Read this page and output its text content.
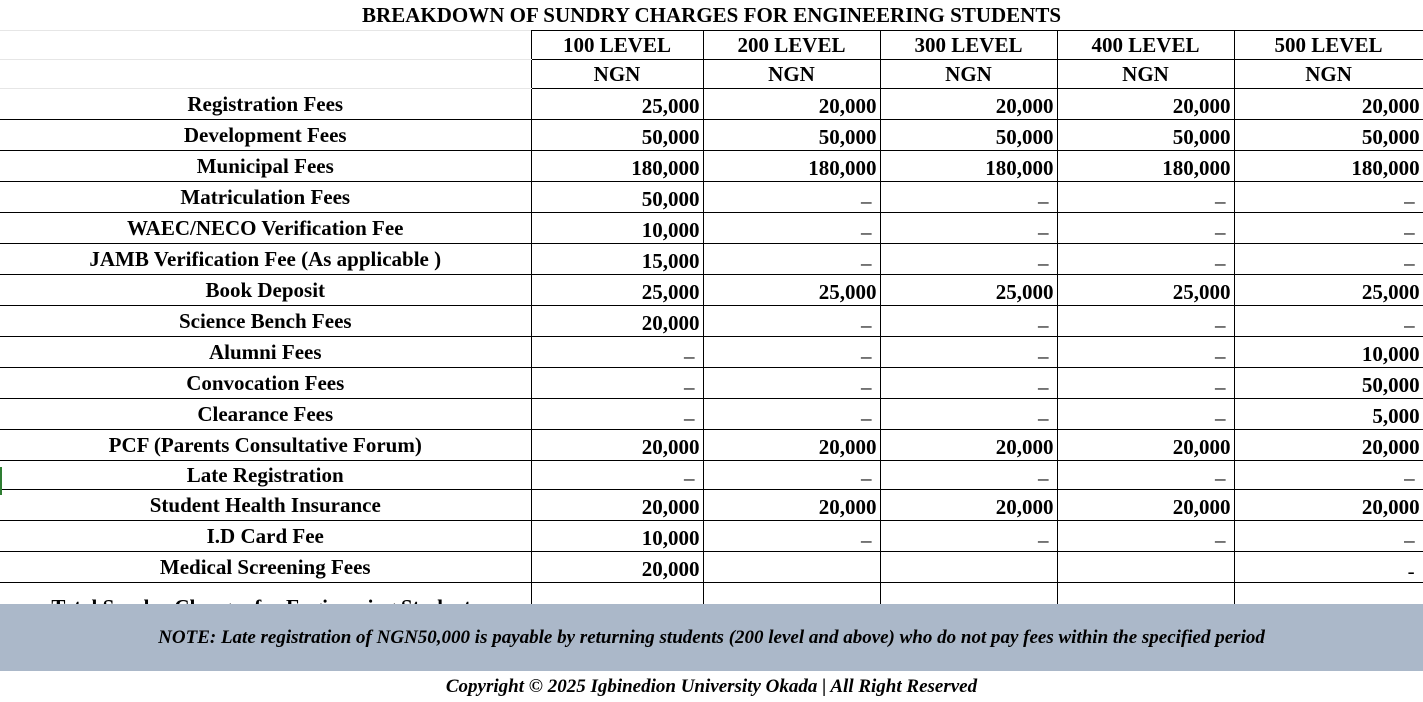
BREAKDOWN OF SUNDRY CHARGES FOR ENGINEERING STUDENTS					
	100 LEVEL	200 LEVEL	300 LEVEL	400 LEVEL	500 LEVEL
	NGN	NGN	NGN	NGN	NGN
Registration Fees	25,000	20,000	20,000	20,000	20,000
Development Fees	50,000	50,000	50,000	50,000	50,000
Municipal Fees	180,000	180,000	180,000	180,000	180,000
Matriculation Fees	50,000	–	–	–	–
WAEC/NECO Verification Fee	10,000	–	–	–	–
JAMB Verification Fee (As applicable )	15,000	–	–	–	–
Book Deposit	25,000	25,000	25,000	25,000	25,000
Science Bench Fees	20,000	–	–	–	–
Alumni Fees	–	–	–	–	10,000
Convocation Fees	–	–	–	–	50,000
Clearance Fees	–	–	–	–	5,000
PCF (Parents Consultative Forum)	20,000	20,000	20,000	20,000	20,000
Late Registration	–	–	–	–	–
Student Health Insurance	20,000	20,000	20,000	20,000	20,000
I.D Card Fee	10,000	–	–	–	–
Medical Screening Fees	20,000				-

NOTE: Late registration of NGN50,000 is payable by returning students (200 level and above) who do not pay fees within the specified period
Copyright © 2025 Igbinedion University Okada | All Right Reserved
